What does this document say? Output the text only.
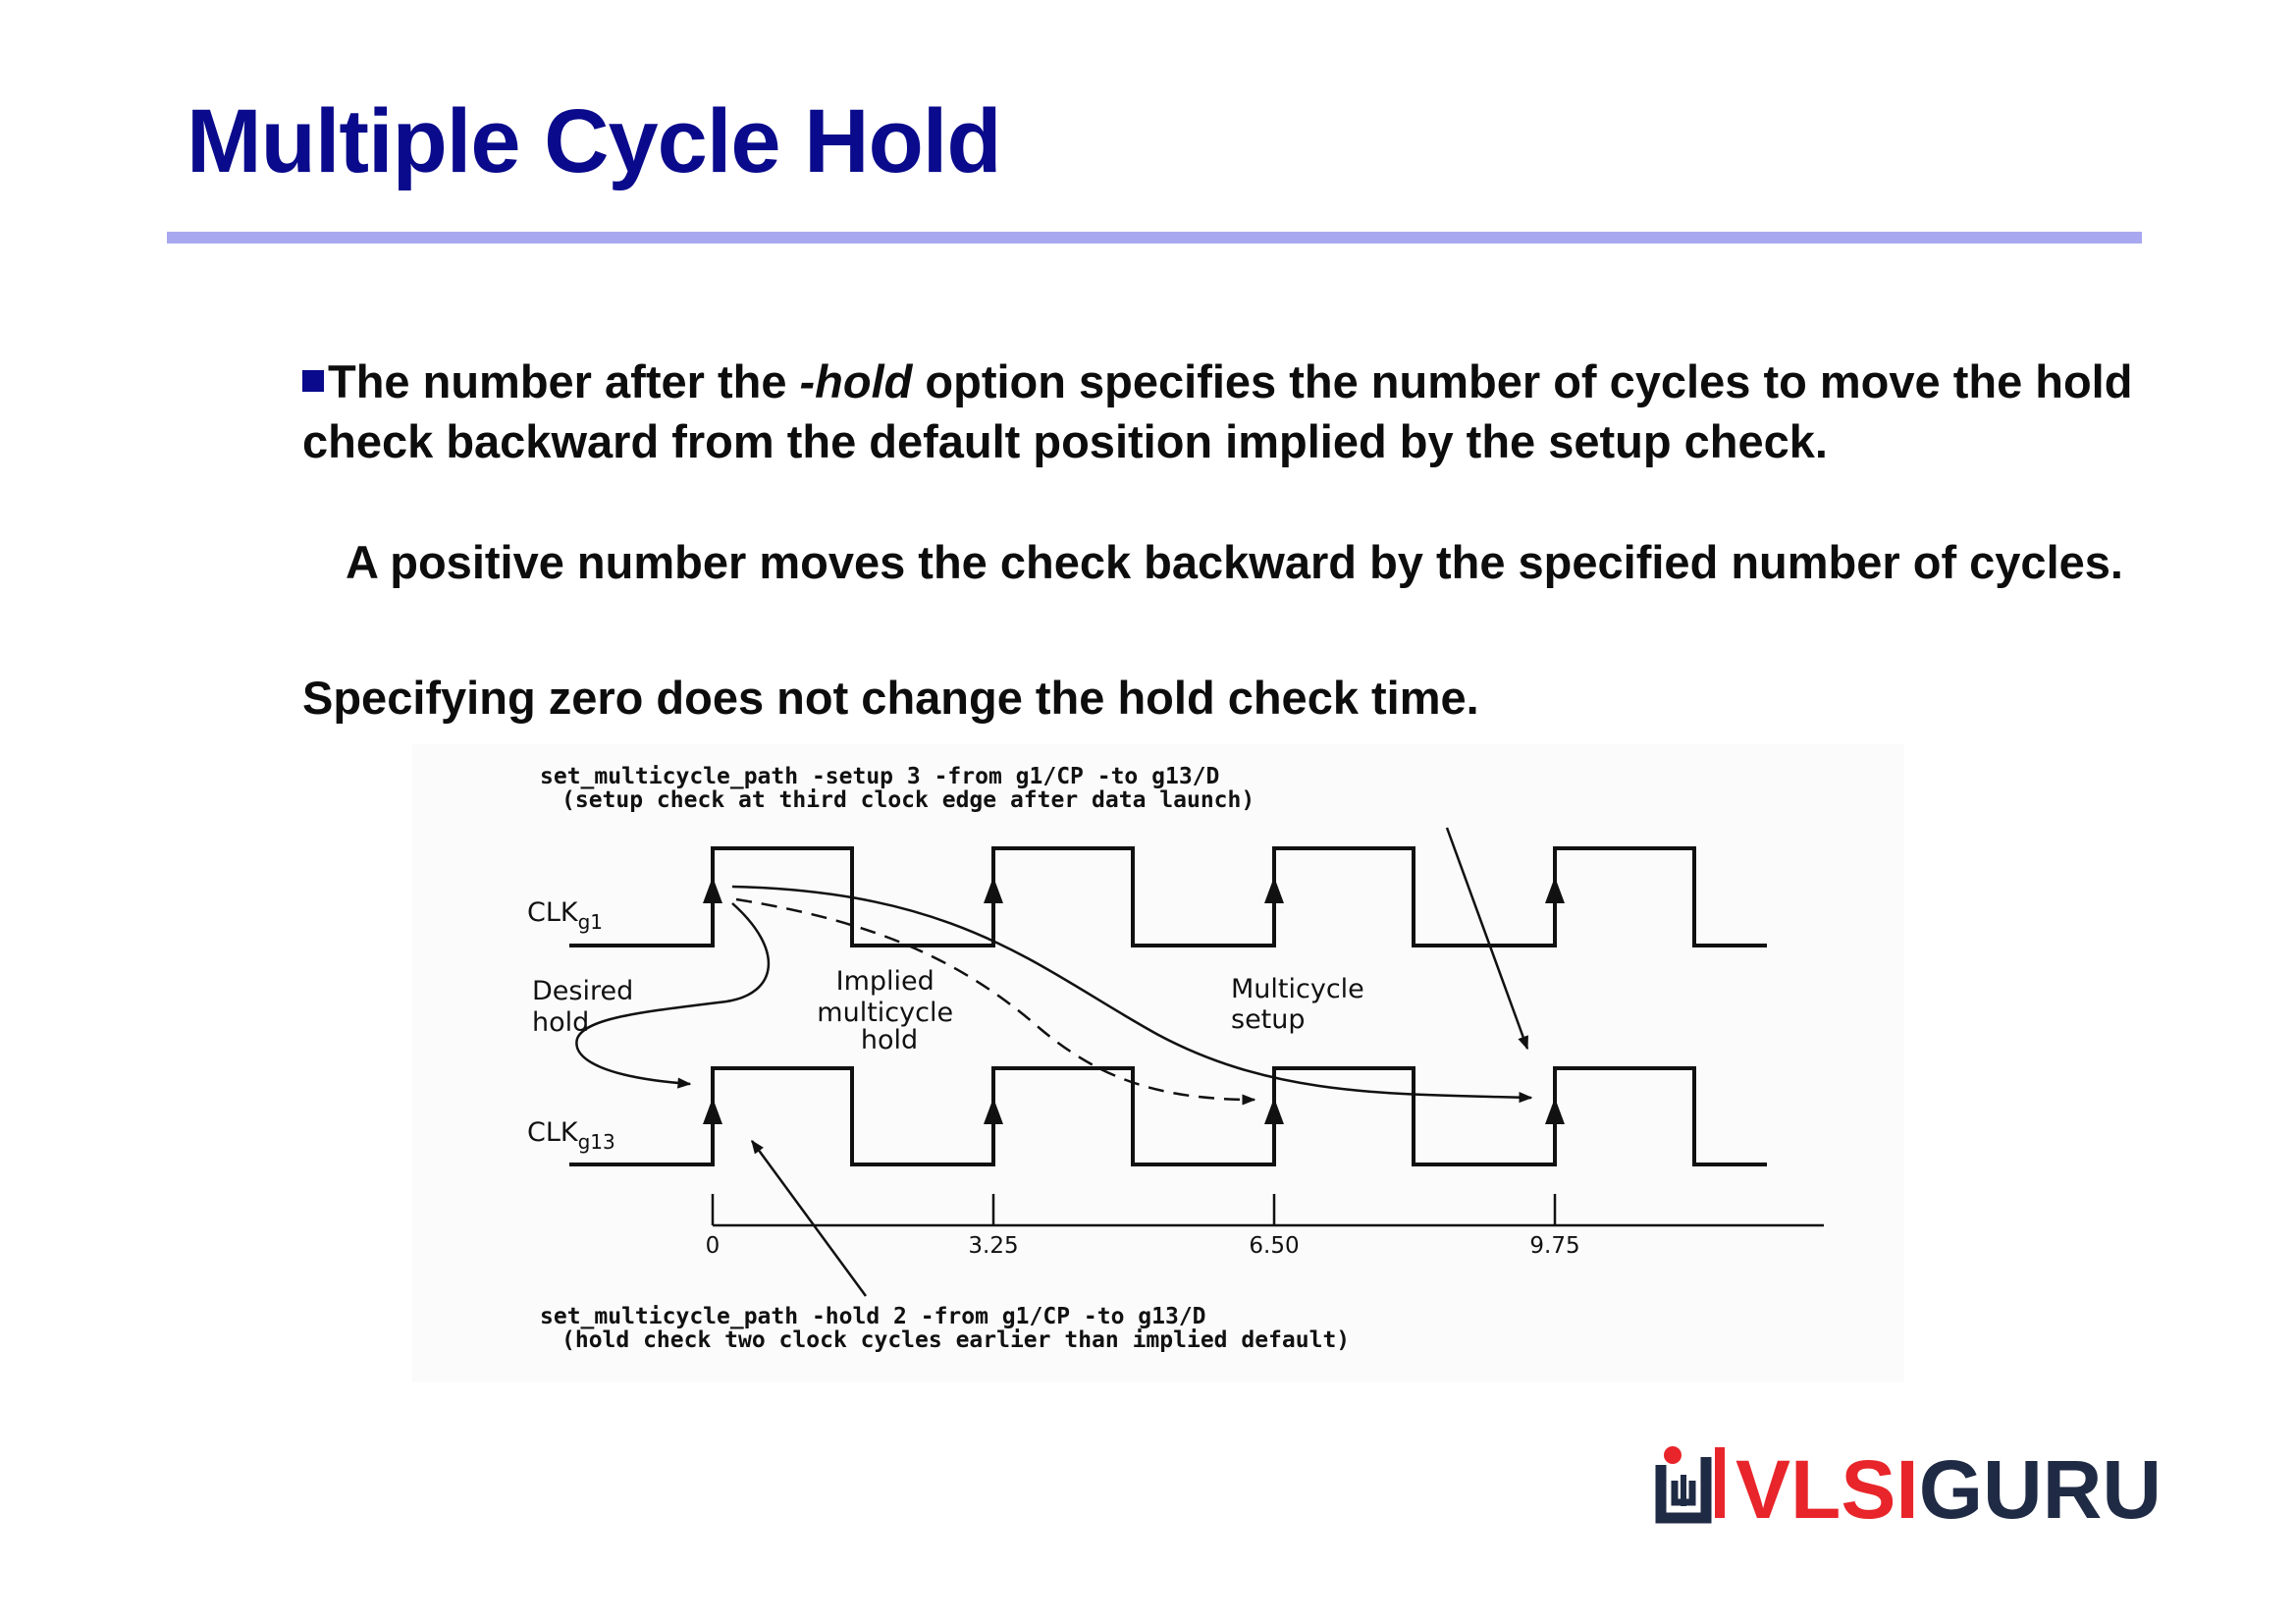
Multiple Cycle Hold
The number after the -hold option specifies the number of cycles to move the hold check backward from the default position implied by the setup check.
A positive number moves the check backward by the specified number of cycles.
Specifying zero does not change the hold check time.
set_multicycle_path -setup 3 -from g1/CP -to g13/D
(setup check at third clock edge after data launch)
$CLK_{g1}$
$CLK_{g13}$
Desired hold
Implied multicycle hold
Multicycle setup
0	3.25	6.50	9.75
set_multicycle_path -hold 2 -from g1/CP -to g13/D
(hold check two clock cycles earlier than implied default)
VLSIGURU
